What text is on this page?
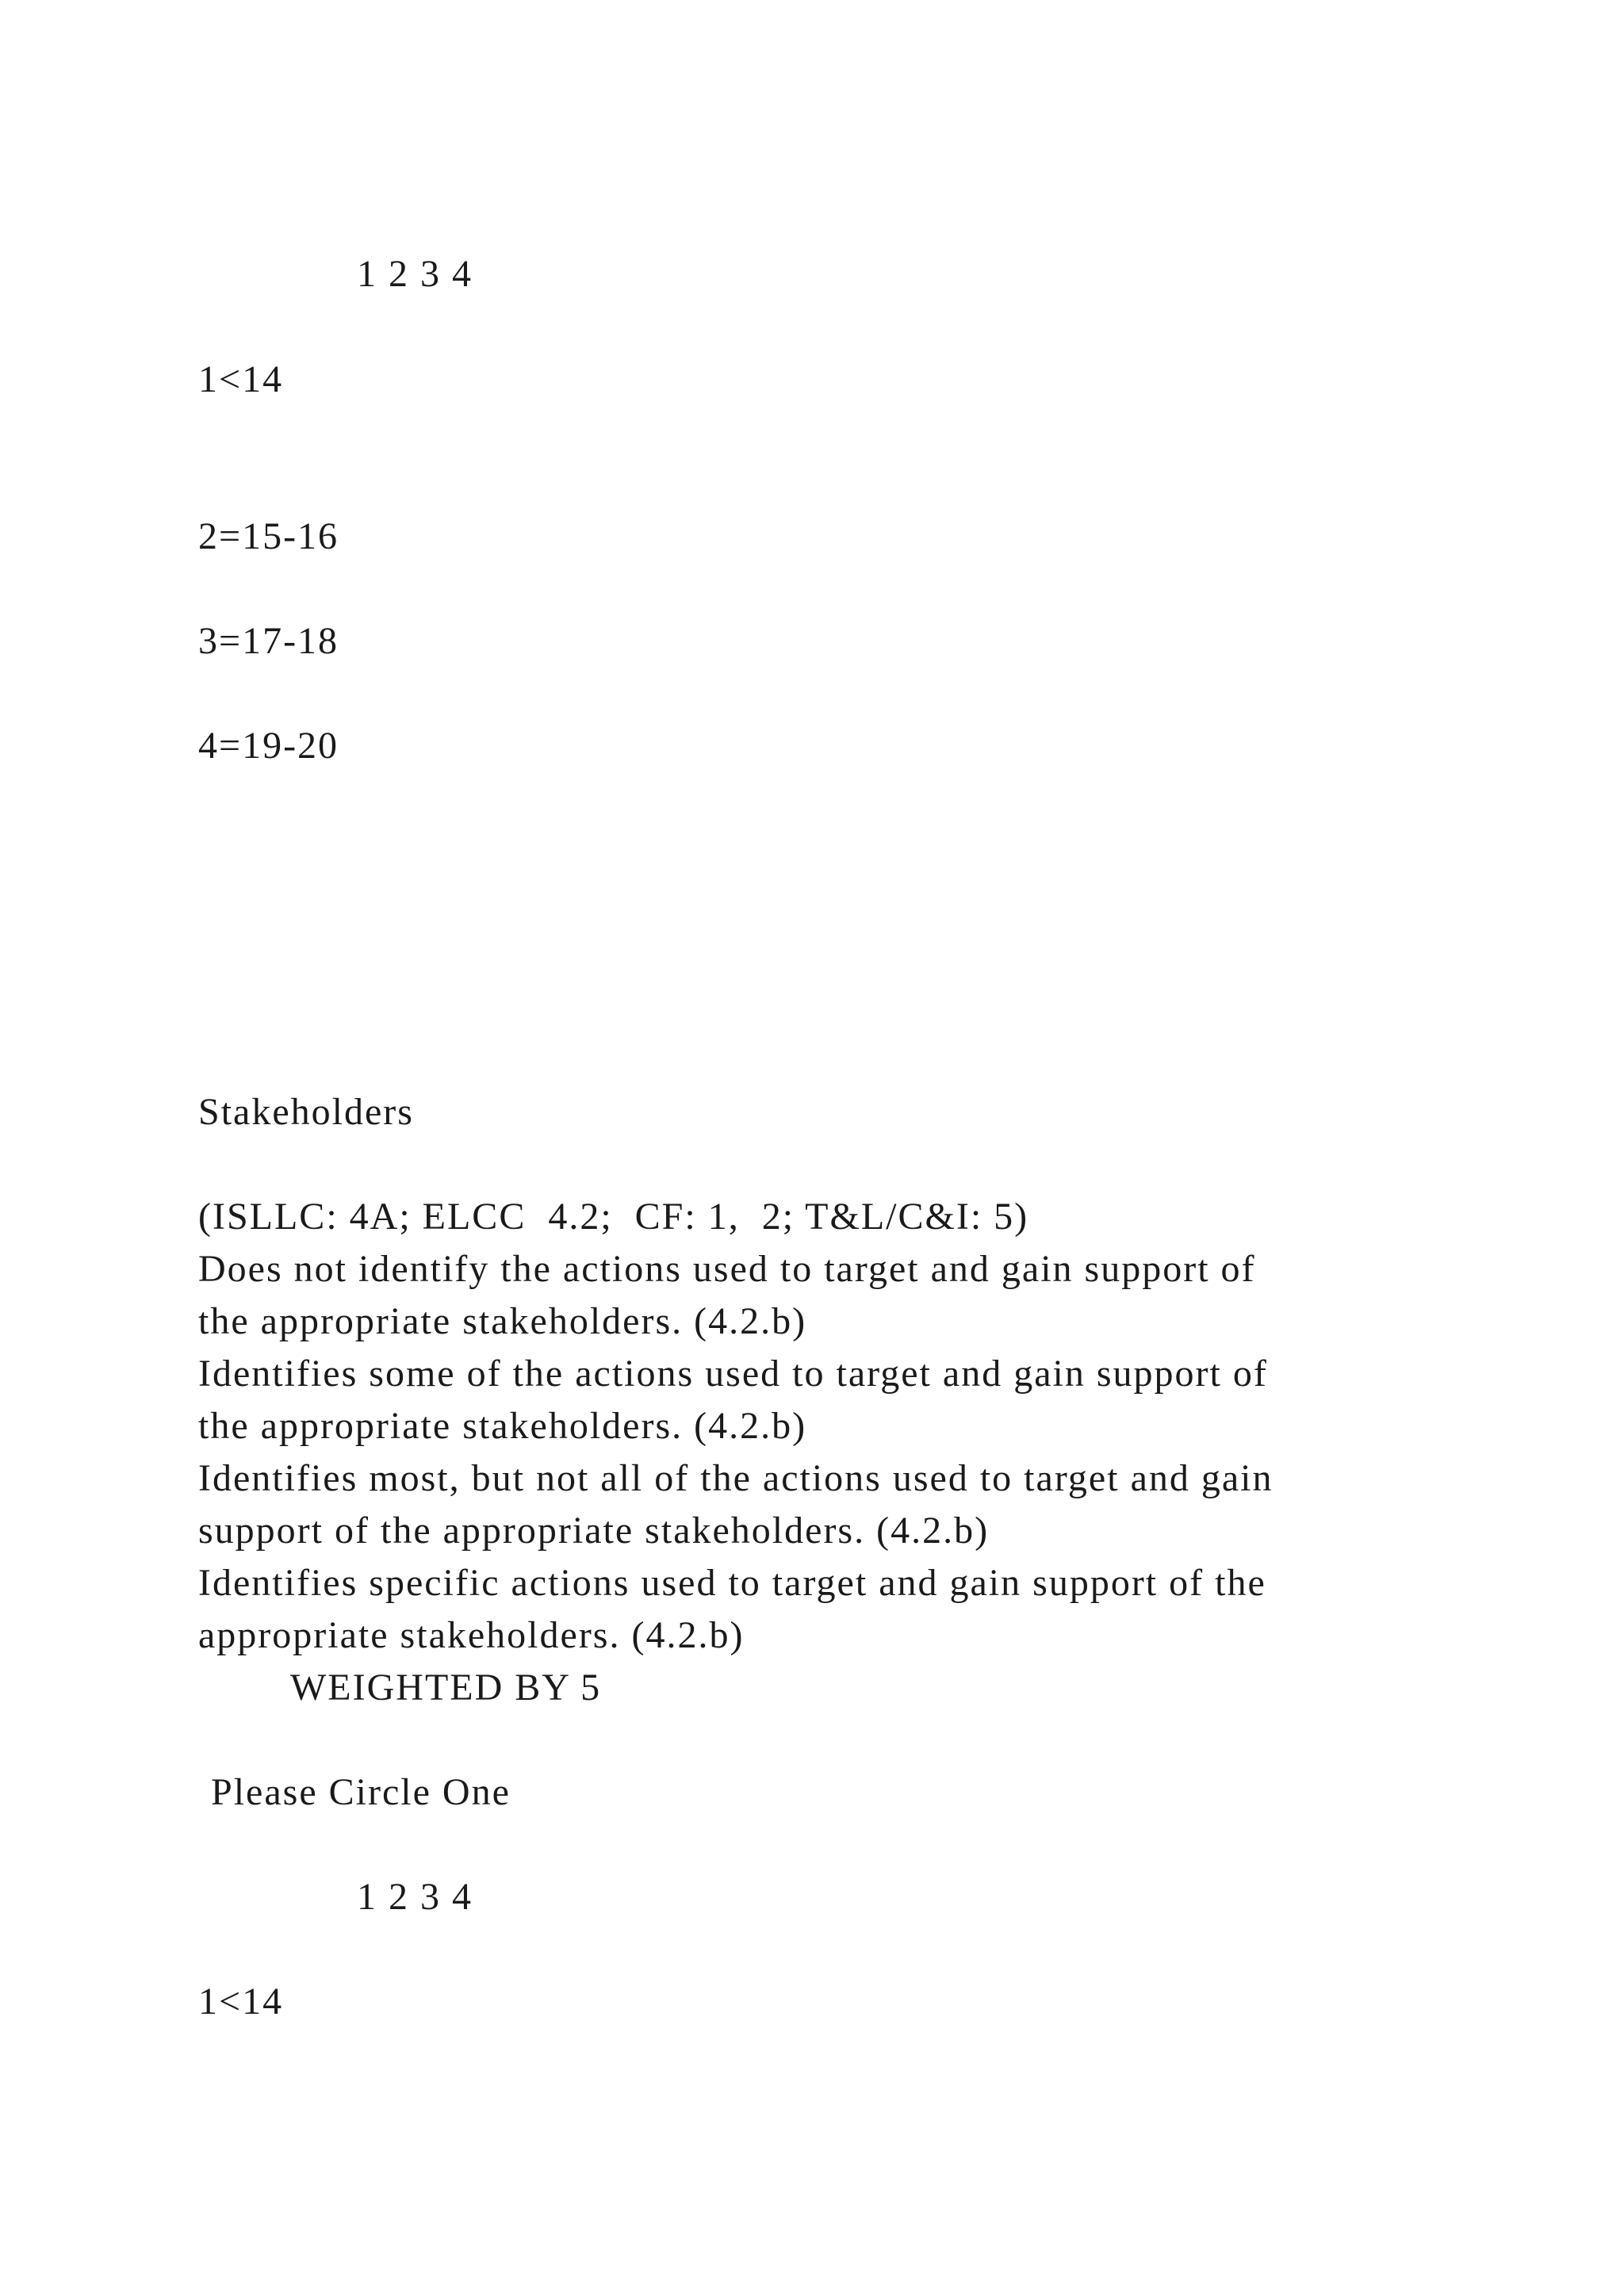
1 2 3 4

1<14

2=15-16

3=17-18

4=19-20

Stakeholders

(ISLLC: 4A; ELCC  4.2;  CF: 1,  2; T&L/C&I: 5)

Does not identify the actions used to target and gain support of

the appropriate stakeholders. (4.2.b)

Identifies some of the actions used to target and gain support of

the appropriate stakeholders. (4.2.b)

Identifies most, but not all of the actions used to target and gain

support of the appropriate stakeholders. (4.2.b)

Identifies specific actions used to target and gain support of the

appropriate stakeholders. (4.2.b)

WEIGHTED BY 5

Please Circle One

1 2 3 4

1<14
